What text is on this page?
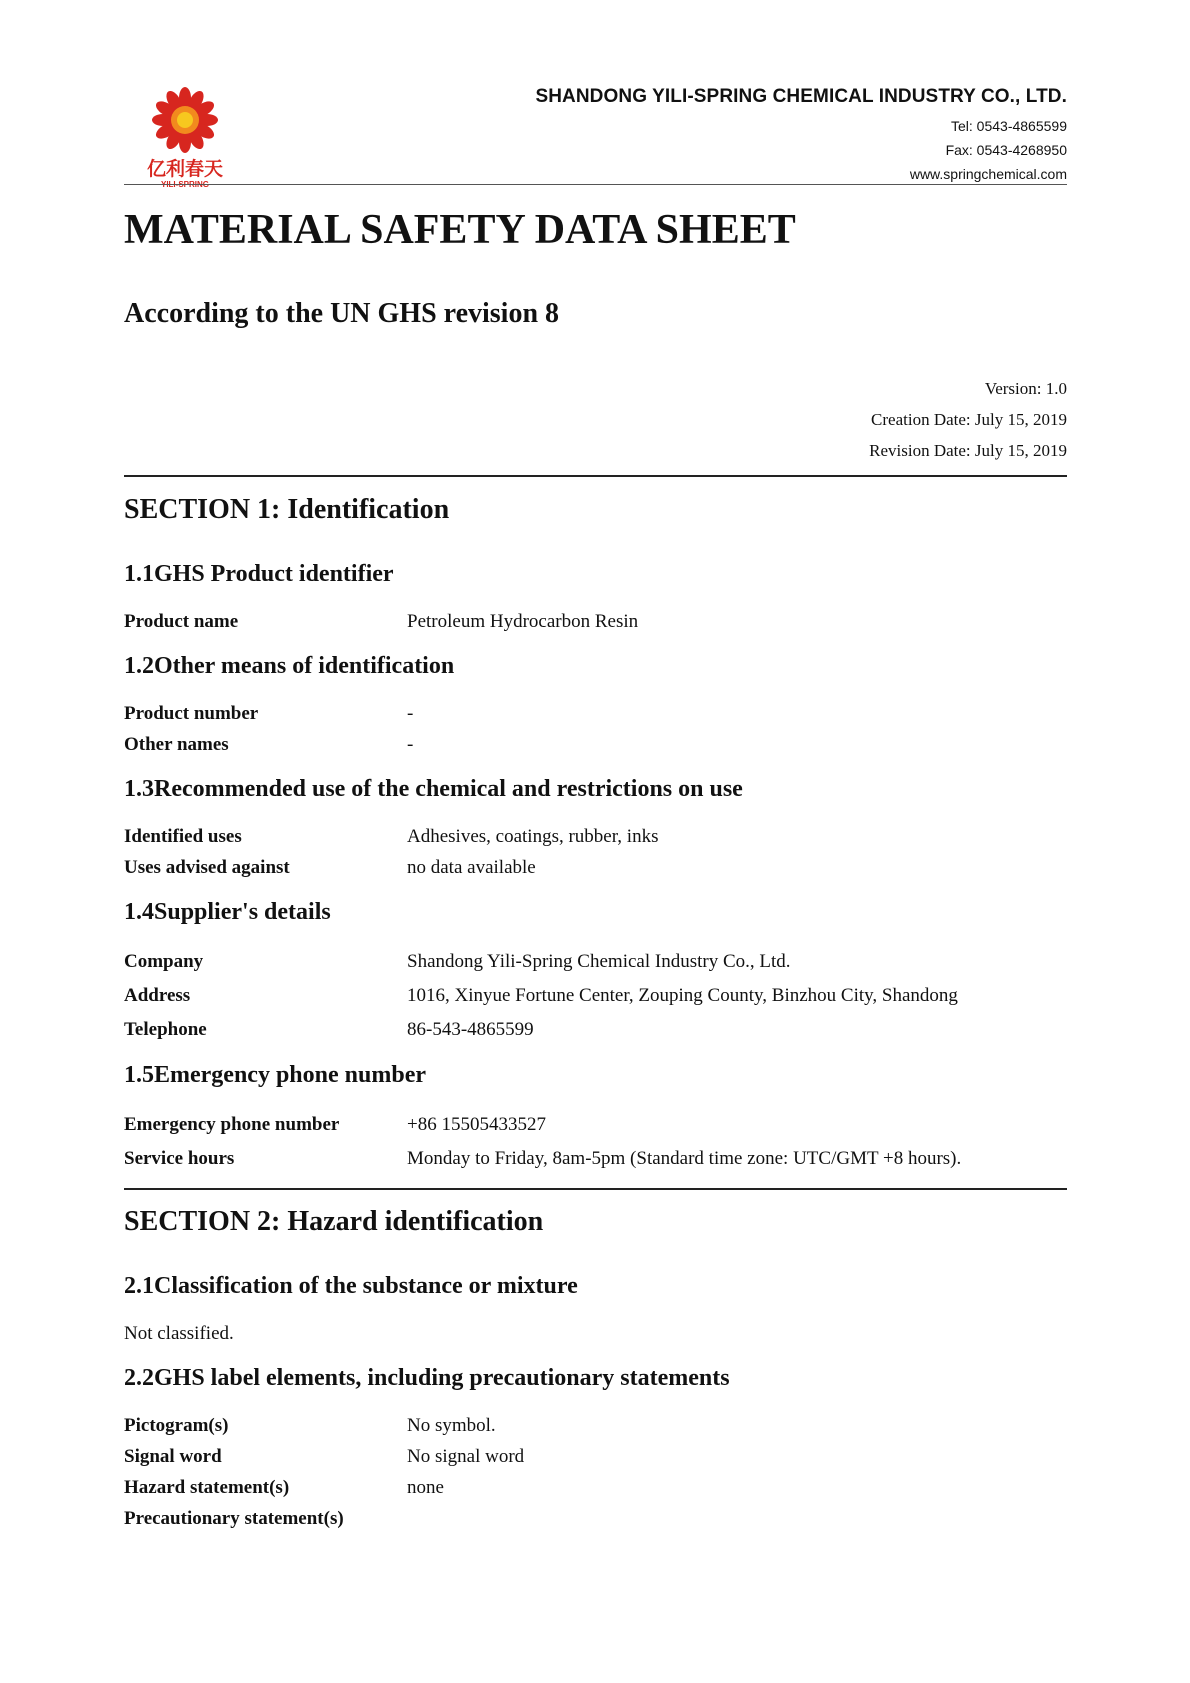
亿利春天
SHANDONG YILI-SPRING CHEMICAL INDUSTRY CO., LTD.
Tel: 0543-4865599
Fax: 0543-4268950
www.springchemical.com
MATERIAL SAFETY DATA SHEET
According to the UN GHS revision 8
Version: 1.0
Creation Date: July 15, 2019
Revision Date: July 15, 2019
SECTION 1: Identification
1.1GHS Product identifier
Product name	Petroleum Hydrocarbon Resin
1.2Other means of identification
Product number	-
Other names	-
1.3Recommended use of the chemical and restrictions on use
Identified uses	Adhesives, coatings, rubber, inks
Uses advised against	no data available
1.4Supplier's details
Company	Shandong Yili-Spring Chemical Industry Co., Ltd.
Address	1016, Xinyue Fortune Center, Zouping County, Binzhou City, Shandong
Telephone	86-543-4865599
1.5Emergency phone number
Emergency phone number	+86 15505433527
Service hours	Monday to Friday, 8am-5pm (Standard time zone: UTC/GMT +8 hours).
SECTION 2: Hazard identification
2.1Classification of the substance or mixture
Not classified.
2.2GHS label elements, including precautionary statements
Pictogram(s)	No symbol.
Signal word	No signal word
Hazard statement(s)	none
Precautionary statement(s)
